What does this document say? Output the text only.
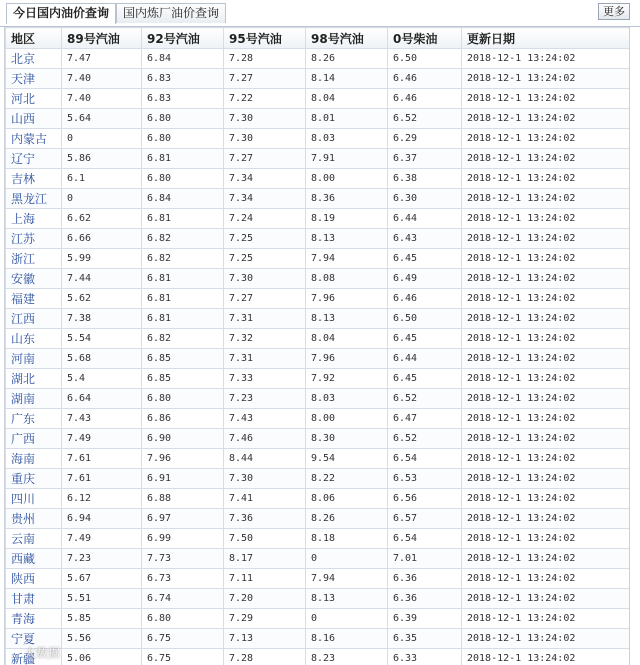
今日国内油价查询	国内炼厂油价查询	更多
地区	89号汽油	92号汽油	95号汽油	98号汽油	0号柴油	更新日期
北京	7.47	6.84	7.28	8.26	6.50	2018-12-1 13:24:02
天津	7.40	6.83	7.27	8.14	6.46	2018-12-1 13:24:02
河北	7.40	6.83	7.22	8.04	6.46	2018-12-1 13:24:02
山西	5.64	6.80	7.30	8.01	6.52	2018-12-1 13:24:02
内蒙古	0	6.80	7.30	8.03	6.29	2018-12-1 13:24:02
辽宁	5.86	6.81	7.27	7.91	6.37	2018-12-1 13:24:02
吉林	6.1	6.80	7.34	8.00	6.38	2018-12-1 13:24:02
黑龙江	0	6.84	7.34	8.36	6.30	2018-12-1 13:24:02
上海	6.62	6.81	7.24	8.19	6.44	2018-12-1 13:24:02
江苏	6.66	6.82	7.25	8.13	6.43	2018-12-1 13:24:02
浙江	5.99	6.82	7.25	7.94	6.45	2018-12-1 13:24:02
安徽	7.44	6.81	7.30	8.08	6.49	2018-12-1 13:24:02
福建	5.62	6.81	7.27	7.96	6.46	2018-12-1 13:24:02
江西	7.38	6.81	7.31	8.13	6.50	2018-12-1 13:24:02
山东	5.54	6.82	7.32	8.04	6.45	2018-12-1 13:24:02
河南	5.68	6.85	7.31	7.96	6.44	2018-12-1 13:24:02
湖北	5.4	6.85	7.33	7.92	6.45	2018-12-1 13:24:02
湖南	6.64	6.80	7.23	8.03	6.52	2018-12-1 13:24:02
广东	7.43	6.86	7.43	8.00	6.47	2018-12-1 13:24:02
广西	7.49	6.90	7.46	8.30	6.52	2018-12-1 13:24:02
海南	7.61	7.96	8.44	9.54	6.54	2018-12-1 13:24:02
重庆	7.61	6.91	7.30	8.22	6.53	2018-12-1 13:24:02
四川	6.12	6.88	7.41	8.06	6.56	2018-12-1 13:24:02
贵州	6.94	6.97	7.36	8.26	6.57	2018-12-1 13:24:02
云南	7.49	6.99	7.50	8.18	6.54	2018-12-1 13:24:02
西藏	7.23	7.73	8.17	0	7.01	2018-12-1 13:24:02
陕西	5.67	6.73	7.11	7.94	6.36	2018-12-1 13:24:02
甘肃	5.51	6.74	7.20	8.13	6.36	2018-12-1 13:24:02
青海	5.85	6.80	7.29	0	6.39	2018-12-1 13:24:02
宁夏	5.56	6.75	7.13	8.16	6.35	2018-12-1 13:24:02
新疆	5.06	6.75	7.28	8.23	6.33	2018-12-1 13:24:02
大数据
